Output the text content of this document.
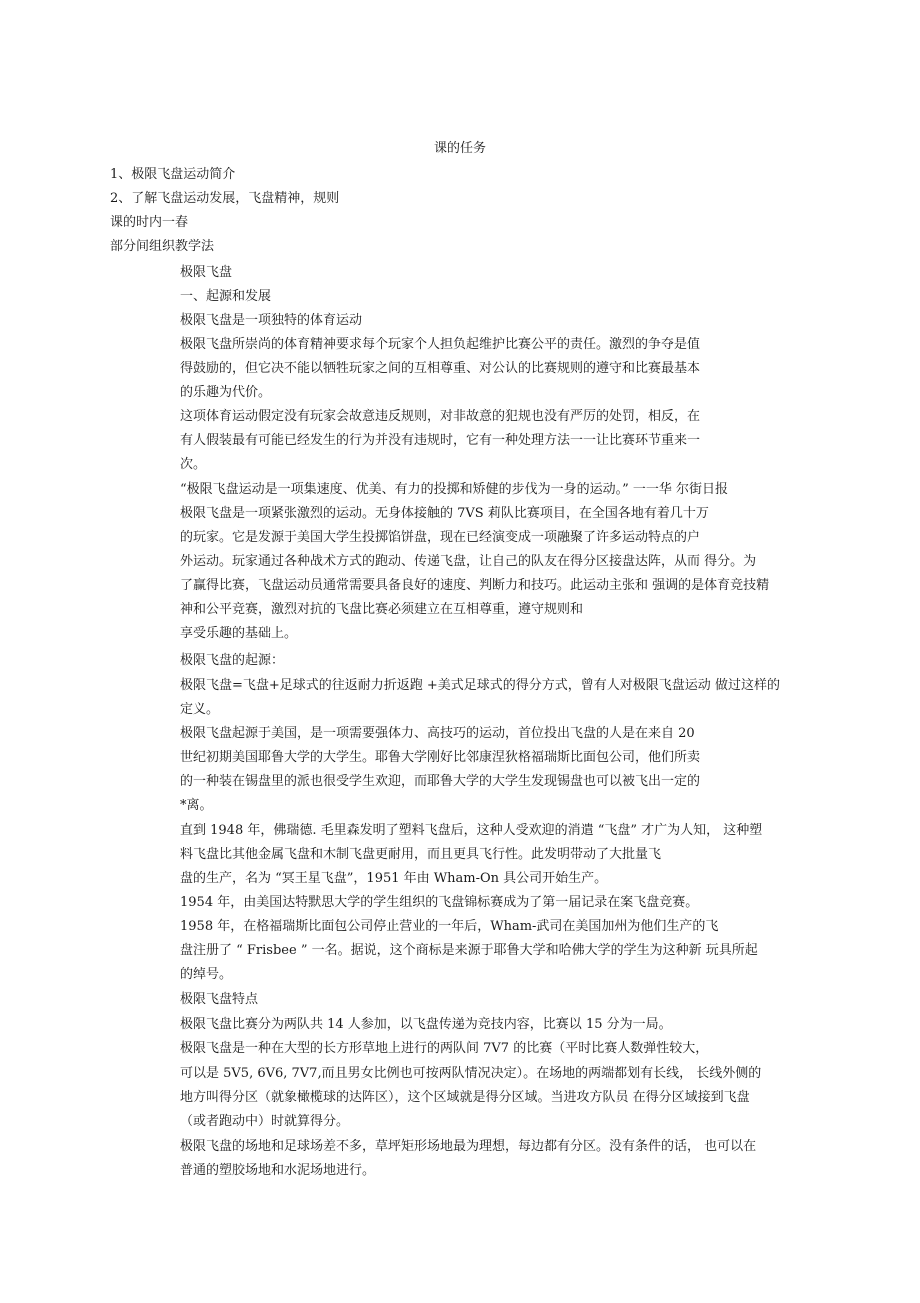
课的任务
1、极限飞盘运动简介
2、了解飞盘运动发展，飞盘精神，规则
课的时内一春
部分间组织教学法
极限飞盘
一、起源和发展
极限飞盘是一项独特的体育运动
极限飞盘所崇尚的体育精神要求每个玩家个人担负起维护比赛公平的责任。激烈的争夺是值
得鼓励的，但它决不能以牺牲玩家之间的互相尊重、对公认的比赛规则的遵守和比赛最基本
的乐趣为代价。
这项体育运动假定没有玩家会故意违反规则，对非故意的犯规也没有严厉的处罚，相反，在
有人假装最有可能已经发生的行为并没有违规时，它有一种处理方法一一让比赛环节重来一
次。
“极限飞盘运动是一项集速度、优美、有力的投掷和矫健的步伐为一身的运动。” 一一华 尔街日报
极限飞盘是一项紧张激烈的运动。无身体接触的 7VS 莉队比赛项目，在全国各地有着几十万
的玩家。它是发源于美国大学生投掷馅饼盘，现在已经演变成一项融聚了许多运动特点的户
外运动。玩家通过各种战术方式的跑动、传递飞盘，让自己的队友在得分区接盘达阵，从而 得分。为
了赢得比赛，飞盘运动员通常需要具备良好的速度、判断力和技巧。此运动主张和 强调的是体育竞技精
神和公平竞赛，激烈对抗的飞盘比赛必须建立在互相尊重，遵守规则和
享受乐趣的基础上。
极限飞盘的起源：
极限飞盘=飞盘+足球式的往返耐力折返跑 +美式足球式的得分方式，曾有人对极限飞盘运动 做过这样的
定义。
极限飞盘起源于美国，是一项需要强体力、高技巧的运动，首位投出飞盘的人是在来自 20
世纪初期美国耶鲁大学的大学生。耶鲁大学刚好比邻康涅狄格福瑞斯比面包公司，他们所卖
的一种装在锡盘里的派也很受学生欢迎，而耶鲁大学的大学生发现锡盘也可以被飞出一定的
*离。
直到 1948 年，佛瑞德. 毛里森发明了塑料飞盘后，这种人受欢迎的消遣 “飞盘” 才广为人知， 这种塑
料飞盘比其他金属飞盘和木制飞盘更耐用，而且更具飞行性。此发明带动了大批量飞
盘的生产，名为 “冥王星飞盘”，1951 年由 Wham-On 具公司开始生产。
1954 年，由美国达特默思大学的学生组织的飞盘锦标赛成为了第一届记录在案飞盘竞赛。
1958 年，在格福瑞斯比面包公司停止营业的一年后，Wham-武司在美国加州为他们生产的飞
盘注册了 “ Frisbee ” 一名。据说，这个商标是来源于耶鲁大学和哈佛大学的学生为这种新 玩具所起
的绰号。
极限飞盘特点
极限飞盘比赛分为两队共 14 人参加，以飞盘传递为竞技内容，比赛以 15 分为一局。
极限飞盘是一种在大型的长方形草地上进行的两队间 7V7 的比赛（平时比赛人数弹性较大，
可以是 5V5, 6V6, 7V7,而且男女比例也可按两队情况决定）。在场地的两端都划有长线， 长线外侧的
地方叫得分区（就象橄榄球的达阵区），这个区域就是得分区域。当进攻方队员 在得分区域接到飞盘
（或者跑动中）时就算得分。
极限飞盘的场地和足球场差不多，草坪矩形场地最为理想，每边都有分区。没有条件的话， 也可以在
普通的塑胶场地和水泥场地进行。
